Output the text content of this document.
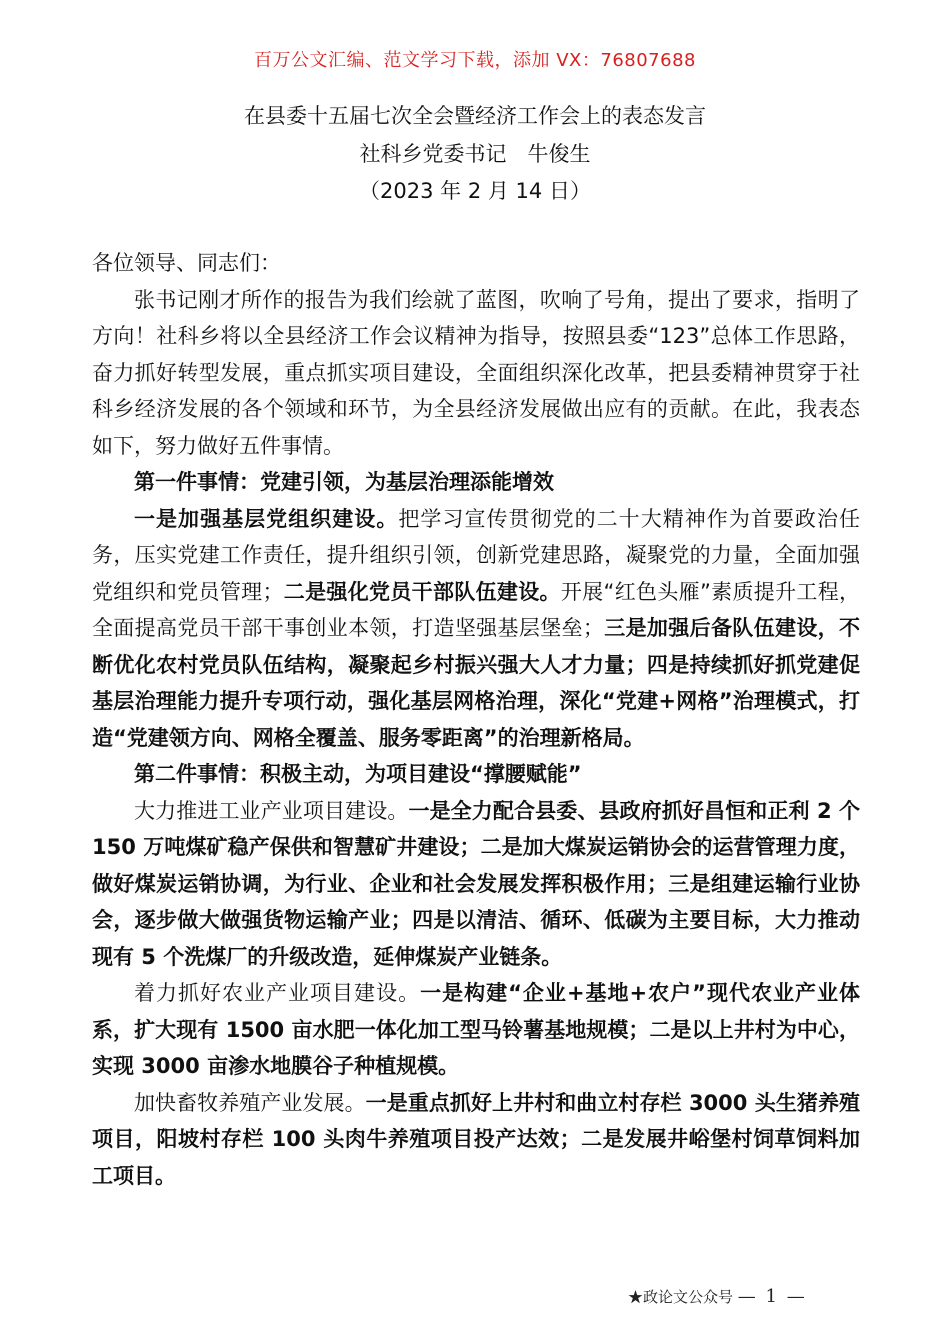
百万公文汇编、范文学习下载，添加 VX：76807688
在县委十五届七次全会暨经济工作会上的表态发言
社科乡党委书记　牛俊生
（2023 年 2 月 14 日）

各位领导、同志们：

张书记刚才所作的报告为我们绘就了蓝图，吹响了号角，提出了要求，指明了方向！社科乡将以全县经济工作会议精神为指导，按照县委“123”总体工作思路，奋力抓好转型发展，重点抓实项目建设，全面组织深化改革，把县委精神贯穿于社科乡经济发展的各个领域和环节，为全县经济发展做出应有的贡献。在此，我表态如下，努力做好五件事情。

第一件事情：党建引领，为基层治理添能增效

一是加强基层党组织建设。把学习宣传贯彻党的二十大精神作为首要政治任务，压实党建工作责任，提升组织引领，创新党建思路，凝聚党的力量，全面加强党组织和党员管理；二是强化党员干部队伍建设。开展“红色头雁”素质提升工程，全面提高党员干部干事创业本领，打造坚强基层堡垒；三是加强后备队伍建设，不断优化农村党员队伍结构，凝聚起乡村振兴强大人才力量；四是持续抓好抓党建促基层治理能力提升专项行动，强化基层网格治理，深化“党建+网格”治理模式，打造“党建领方向、网格全覆盖、服务零距离”的治理新格局。

第二件事情：积极主动，为项目建设“撑腰赋能”

大力推进工业产业项目建设。一是全力配合县委、县政府抓好昌恒和正利 2 个 150 万吨煤矿稳产保供和智慧矿井建设；二是加大煤炭运销协会的运营管理力度，做好煤炭运销协调，为行业、企业和社会发展发挥积极作用；三是组建运输行业协会，逐步做大做强货物运输产业；四是以清洁、循环、低碳为主要目标，大力推动现有 5 个洗煤厂的升级改造，延伸煤炭产业链条。

着力抓好农业产业项目建设。一是构建“企业+基地+农户”现代农业产业体系，扩大现有 1500 亩水肥一体化加工型马铃薯基地规模；二是以上井村为中心，实现 3000 亩渗水地膜谷子种植规模。

加快畜牧养殖产业发展。一是重点抓好上井村和曲立村存栏 3000 头生猪养殖项目，阳坡村存栏 100 头肉牛养殖项目投产达效；二是发展井峪堡村饲草饲料加工项目。

★政论文公众号 — 1 —
